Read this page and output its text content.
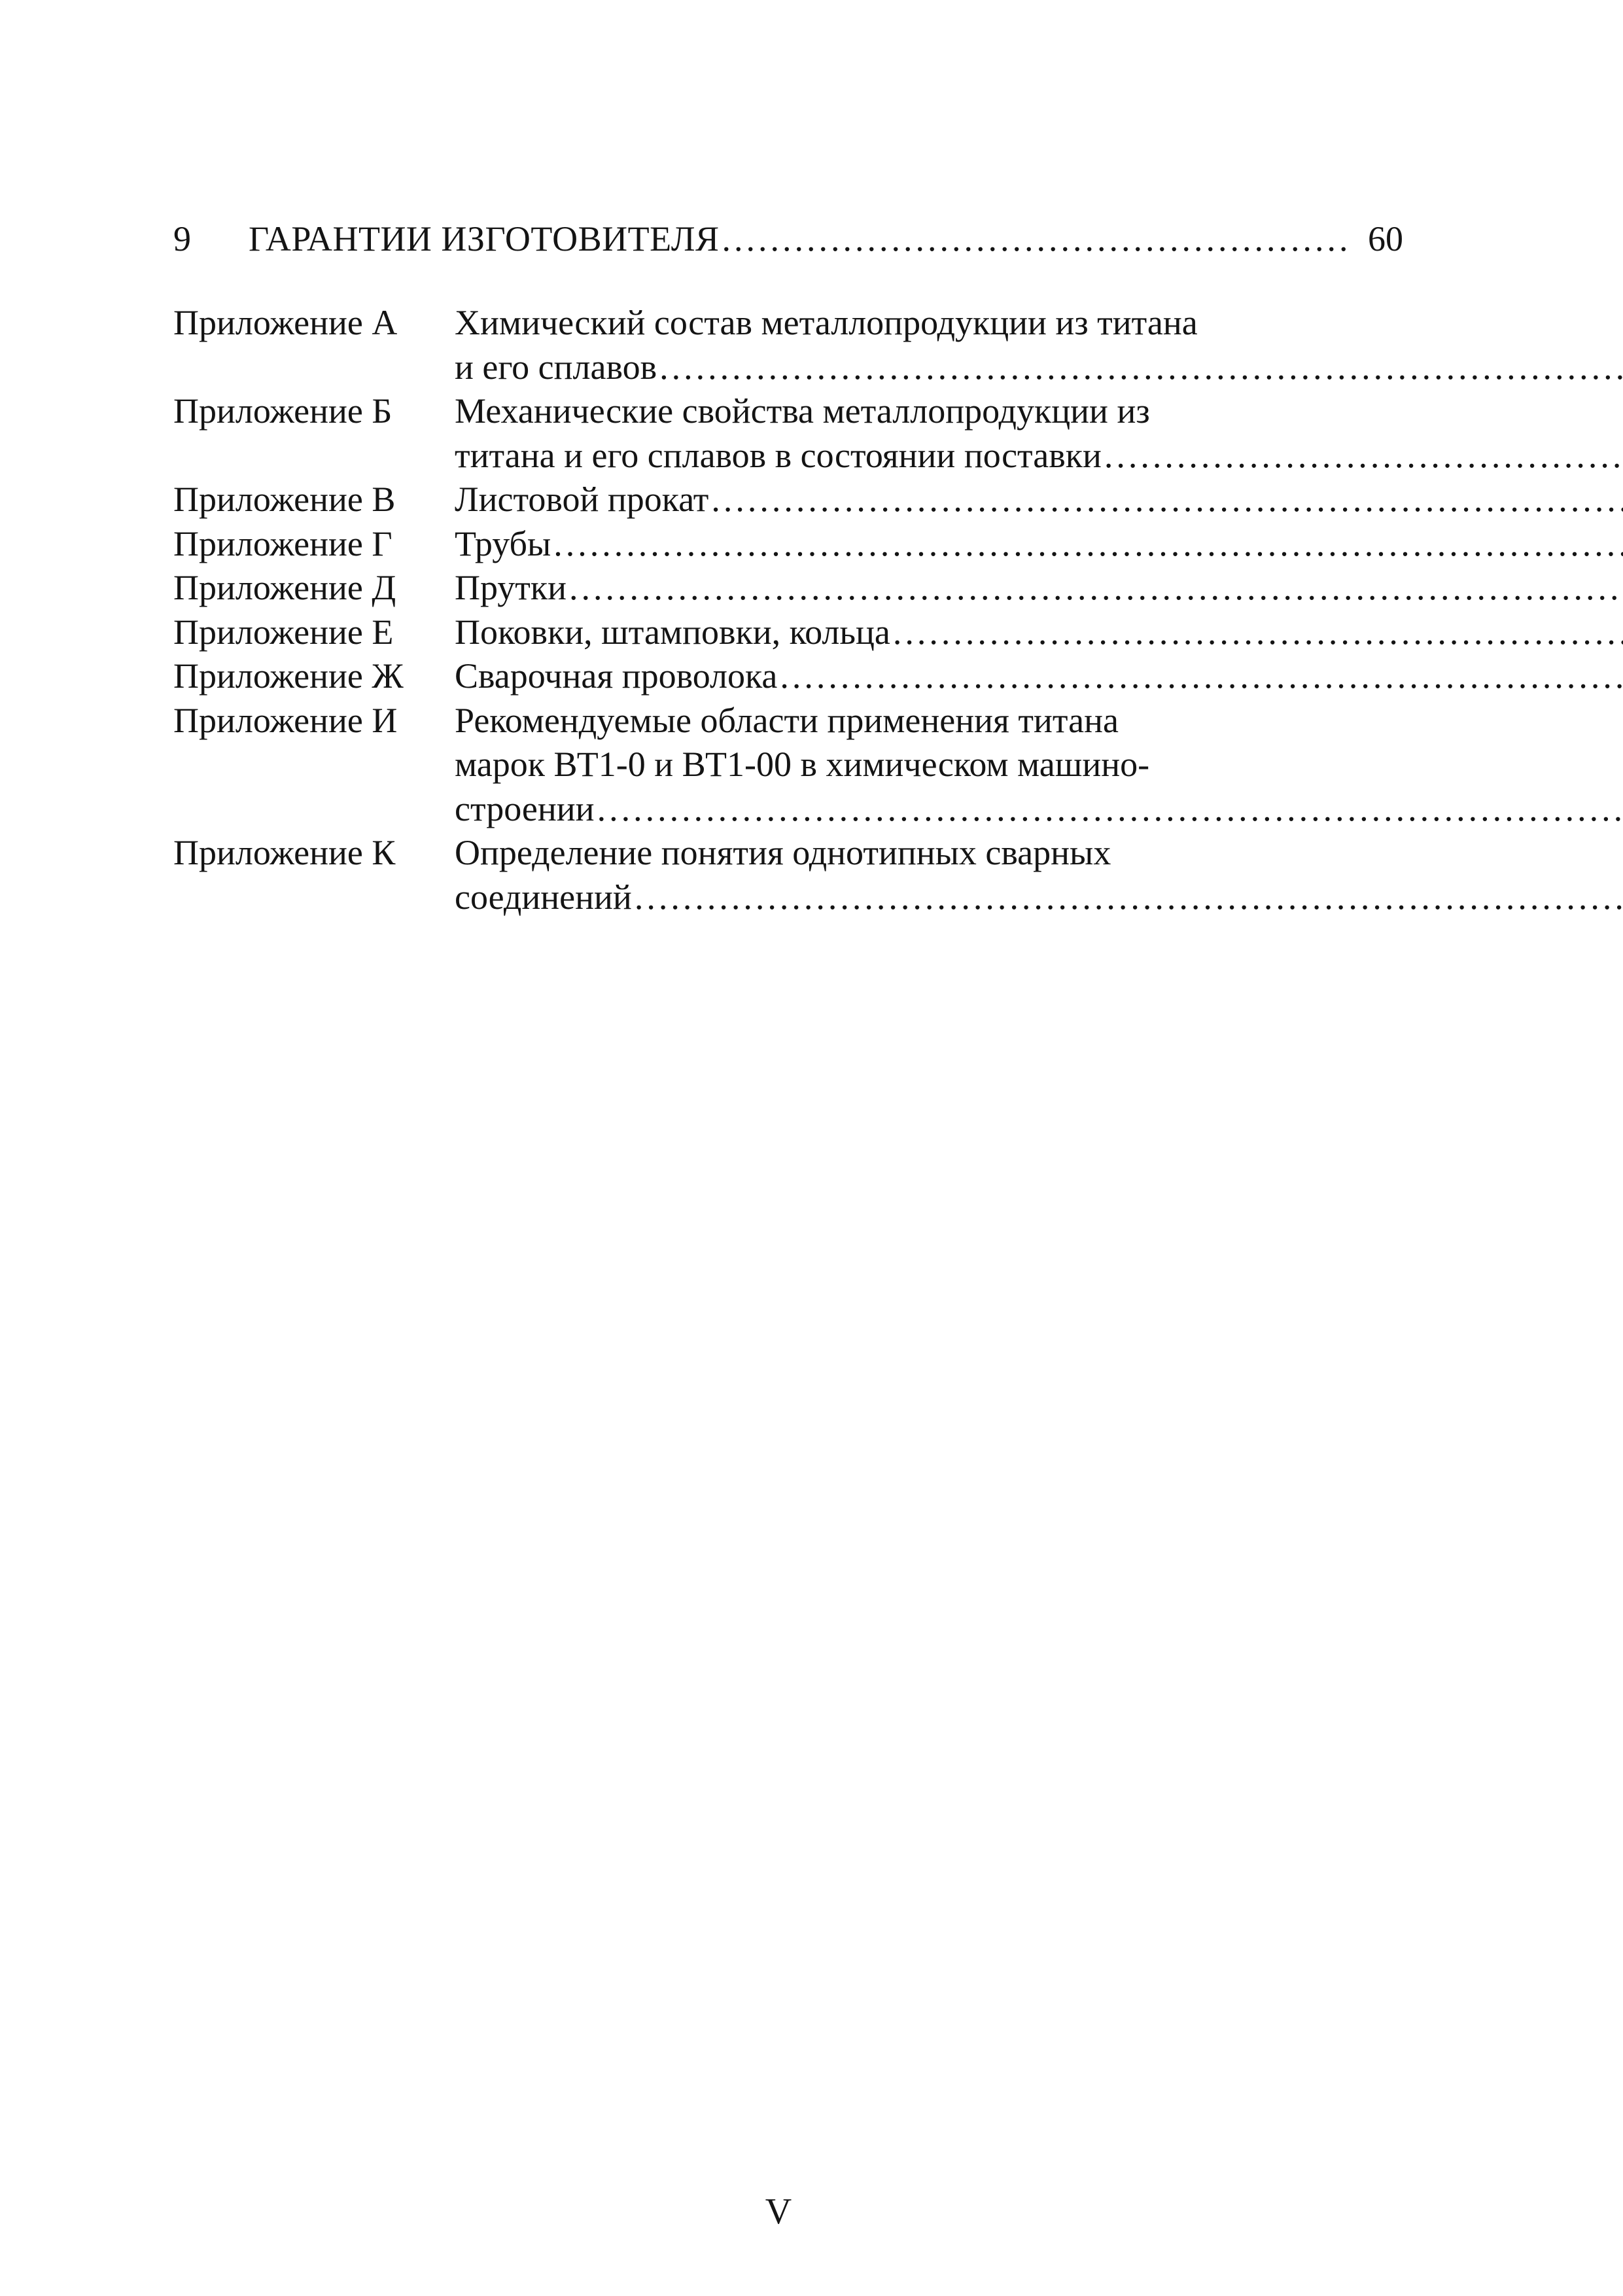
9	ГАРАНТИИ ИЗГОТОВИТЕЛЯ
.....	60
Приложение А	Химический состав металлопродукции из титана
и его сплавов
.....
Приложение Б	Механические свойства металлопродукции из
титана и его сплавов в состоянии поставки
.....
Приложение В	Листовой прокат
.....
Приложение Г	Трубы
.....
Приложение Д	Прутки
.....
Приложение Е	Поковки, штамповки, кольца
.....
Приложение Ж	Сварочная проволока
.....
Приложение И	Рекомендуемые области применения титана
марок ВТ1-0 и ВТ1-00 в химическом машино-
строении
.....
Приложение К	Определение понятия однотипных сварных
соединений
.....
V
